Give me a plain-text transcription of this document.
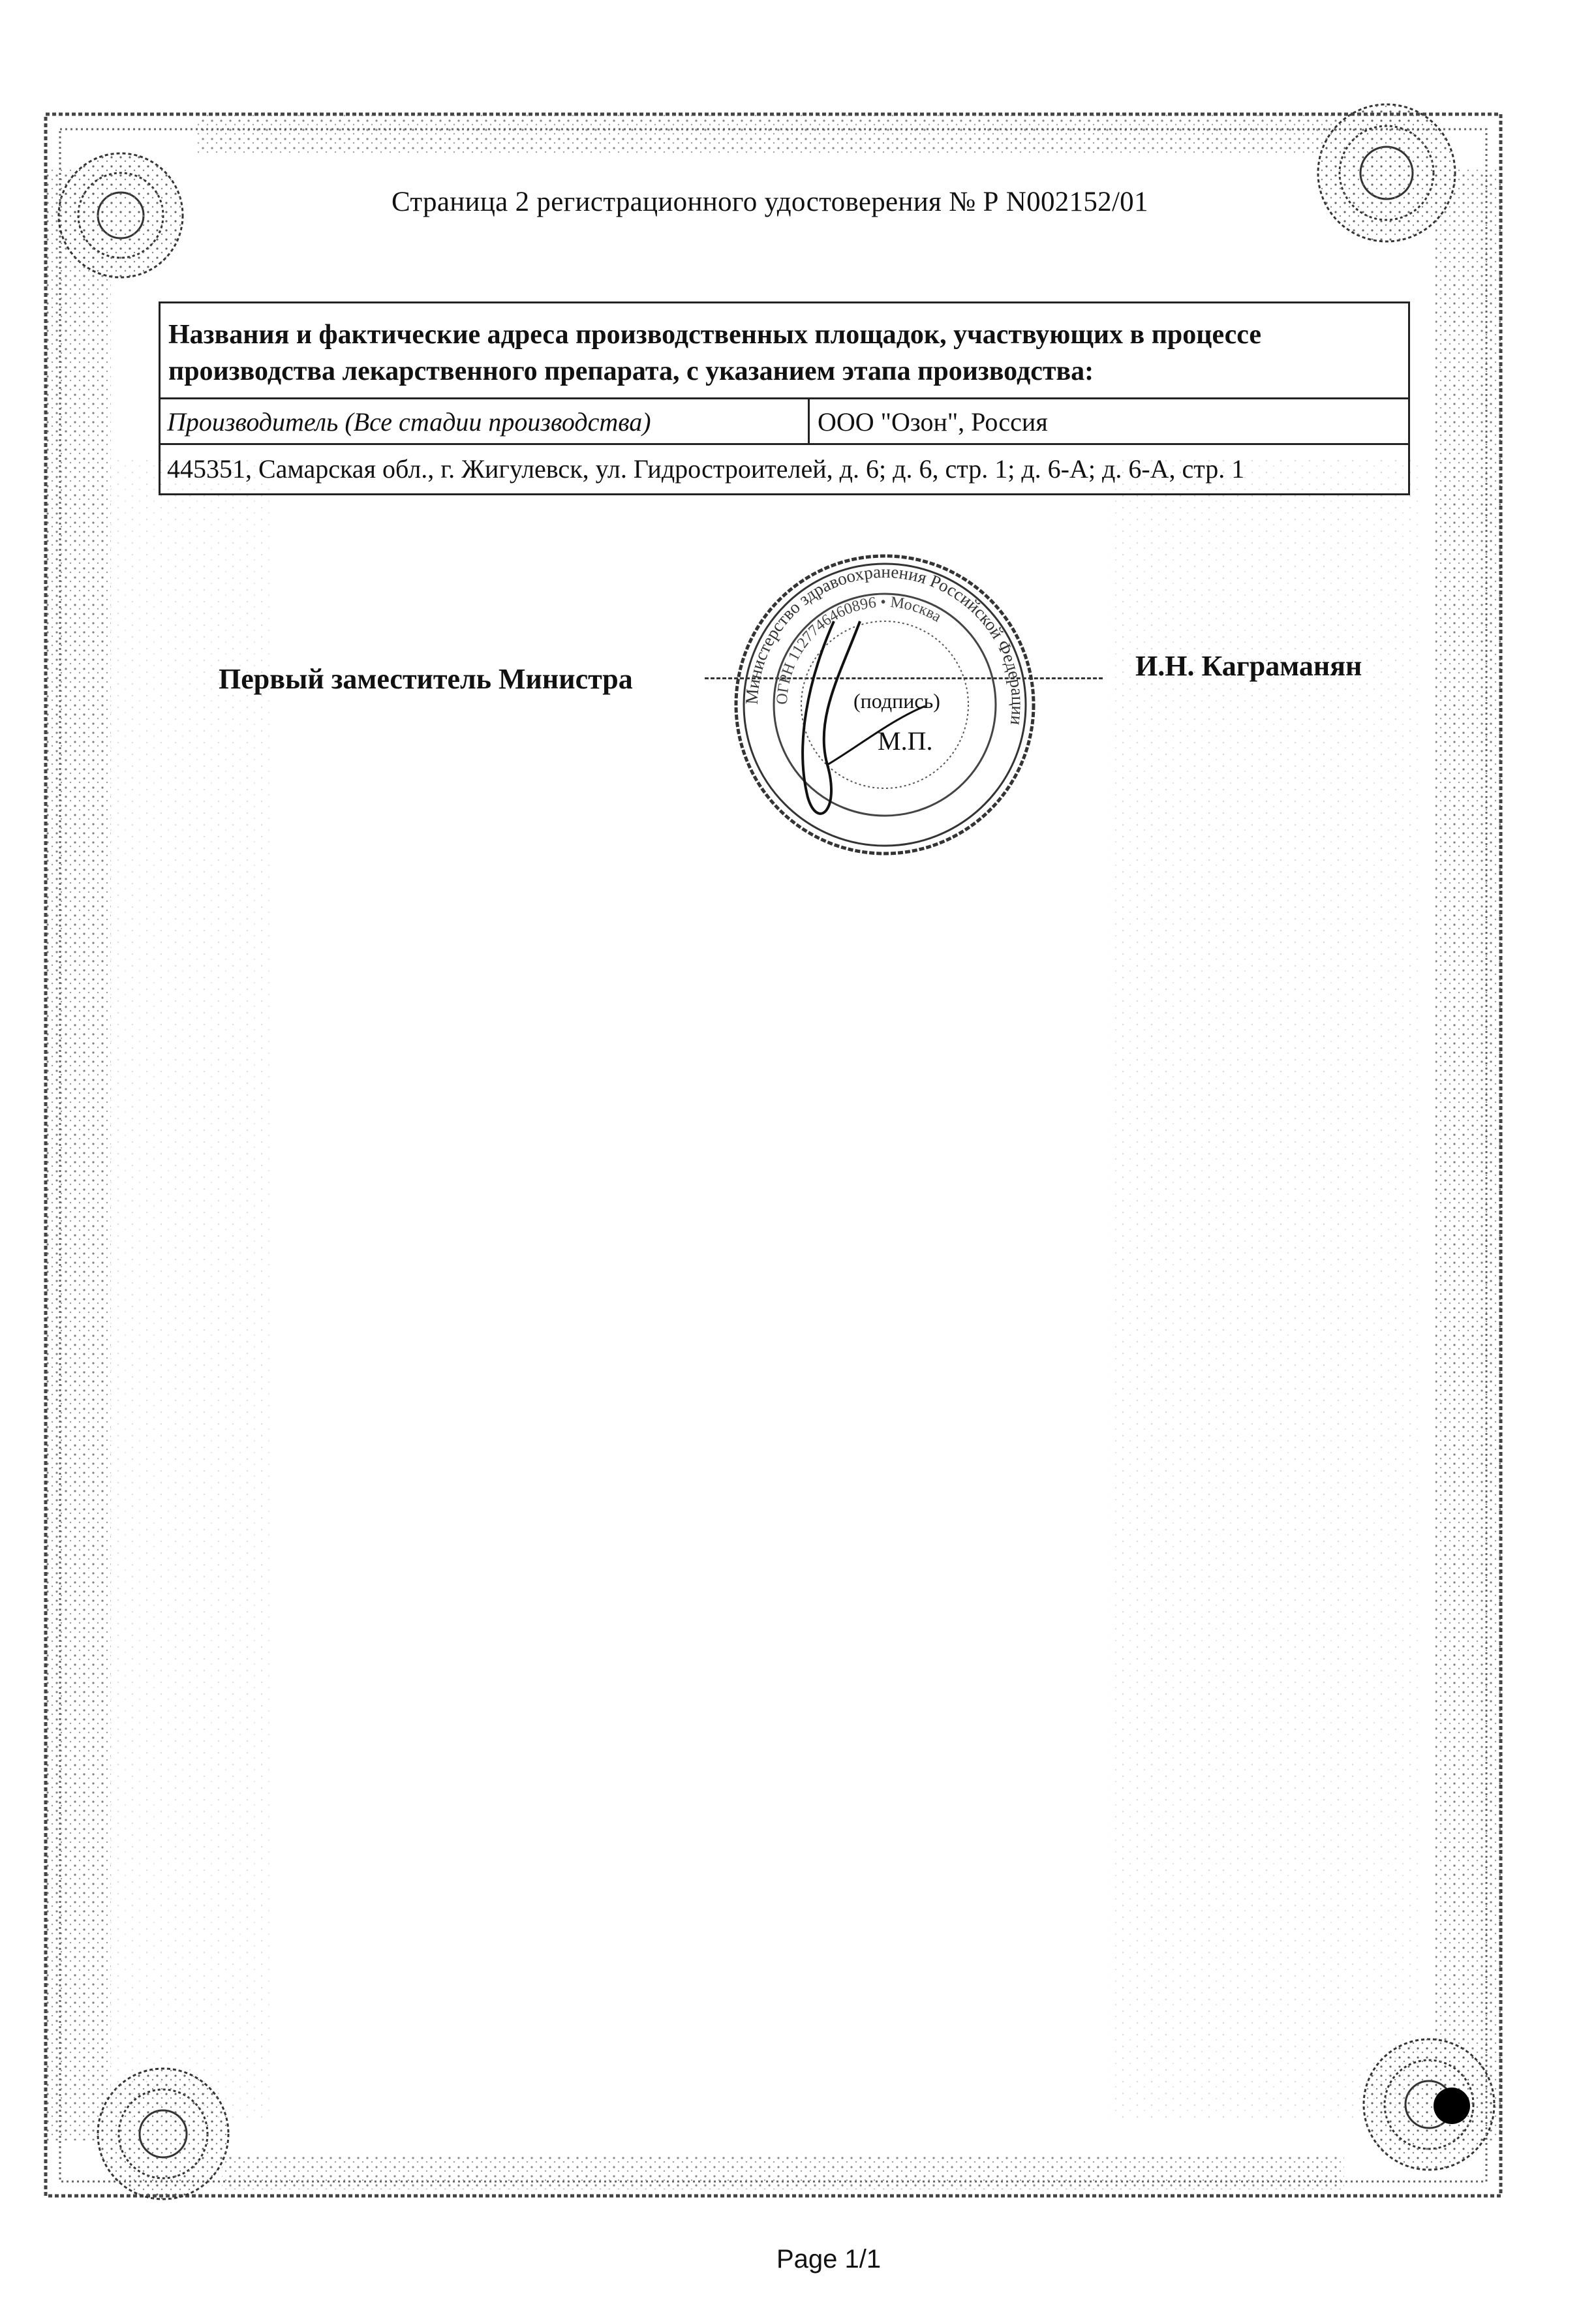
Страница 2 регистрационного удостоверения № Р N002152/01
Названия и фактические адреса производственных площадок, участвующих в процессе
производства лекарственного препарата, с указанием этапа производства:
Производитель (Все стадии производства)	ООО "Озон", Россия
445351, Самарская обл., г. Жигулевск, ул. Гидростроителей, д. 6; д. 6, стр. 1; д. 6-А; д. 6-А, стр. 1
Первый заместитель Министра
Министерство здравоохранения Российской Федерации
ОГРН 1127746460896 • Москва
(подпись)
М.П.
И.Н. Каграманян
Page 1/1
